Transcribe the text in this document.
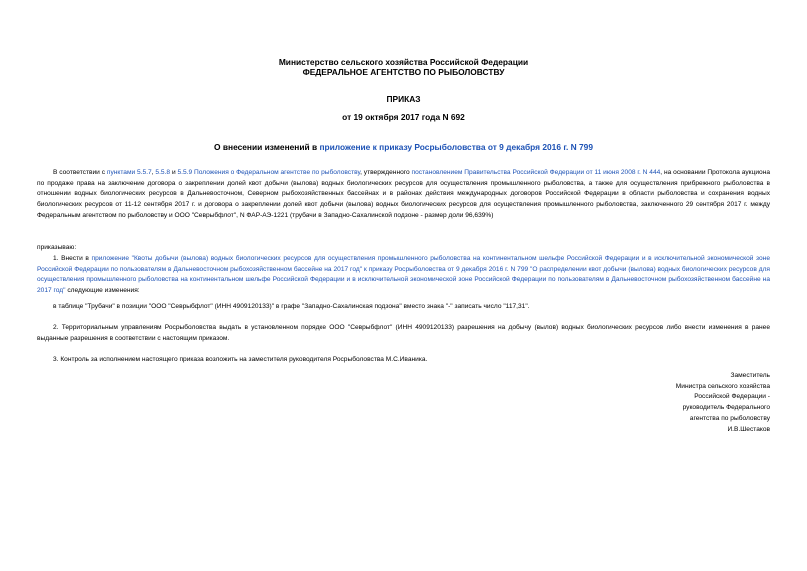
Министерство сельского хозяйства Российской Федерации
ФЕДЕРАЛЬНОЕ АГЕНТСТВО ПО РЫБОЛОВСТВУ
ПРИКАЗ
от 19 октября 2017 года N 692
О внесении изменений в приложение к приказу Росрыболовства от 9 декабря 2016 г. N 799
В соответствии с пунктами 5.5.7, 5.5.8 и 5.5.9 Положения о Федеральном агентстве по рыболовству, утвержденного постановлением Правительства Российской Федерации от 11 июня 2008 г. N 444, на основании Протокола аукциона по продаже права на заключение договора о закреплении долей квот добычи (вылова) водных биологических ресурсов для осуществления промышленного рыболовства, а также для осуществления прибрежного рыболовства в отношении водных биологических ресурсов в Дальневосточном, Северном рыбохозяйственных бассейнах и в районах действия международных договоров Российской Федерации в области рыболовства и сохранения водных биологических ресурсов от 11-12 сентября 2017 г. и договора о закреплении долей квот добычи (вылова) водных биологических ресурсов для осуществления промышленного рыболовства, заключенного 29 сентября 2017 г. между Федеральным агентством по рыболовству и ООО "Севрыбфлот", N ФАР-АЭ-1221 (трубачи в Западно-Сахалинской подзоне - размер доли 96,639%)
приказываю:
1. Внести в приложение "Квоты добычи (вылова) водных биологических ресурсов для осуществления промышленного рыболовства на континентальном шельфе Российской Федерации и в исключительной экономической зоне Российской Федерации по пользователям в Дальневосточном рыбохозяйственном бассейне на 2017 год" к приказу Росрыболовства от 9 декабря 2016 г. N 799 "О распределении квот добычи (вылова) водных биологических ресурсов для осуществления промышленного рыболовства на континентальном шельфе Российской Федерации и в исключительной экономической зоне Российской Федерации по пользователям в Дальневосточном рыбохозяйственном бассейне на 2017 год" следующие изменения:
в таблице "Трубачи" в позиции "ООО "Севрыбфлот" (ИНН 4909120133)" в графе "Западно-Сахалинская подзона" вместо знака "-" записать число "117,31".
2. Территориальным управлениям Росрыболовства выдать в установленном порядке ООО "Севрыбфлот" (ИНН 4909120133) разрешения на добычу (вылов) водных биологических ресурсов либо внести изменения в ранее выданные разрешения в соответствии с настоящим приказом.
3. Контроль за исполнением настоящего приказа возложить на заместителя руководителя Росрыболовства М.С.Иваника.
Заместитель
Министра сельского хозяйства
Российской Федерации -
руководитель Федерального
агентства по рыболовству
И.В.Шестаков
